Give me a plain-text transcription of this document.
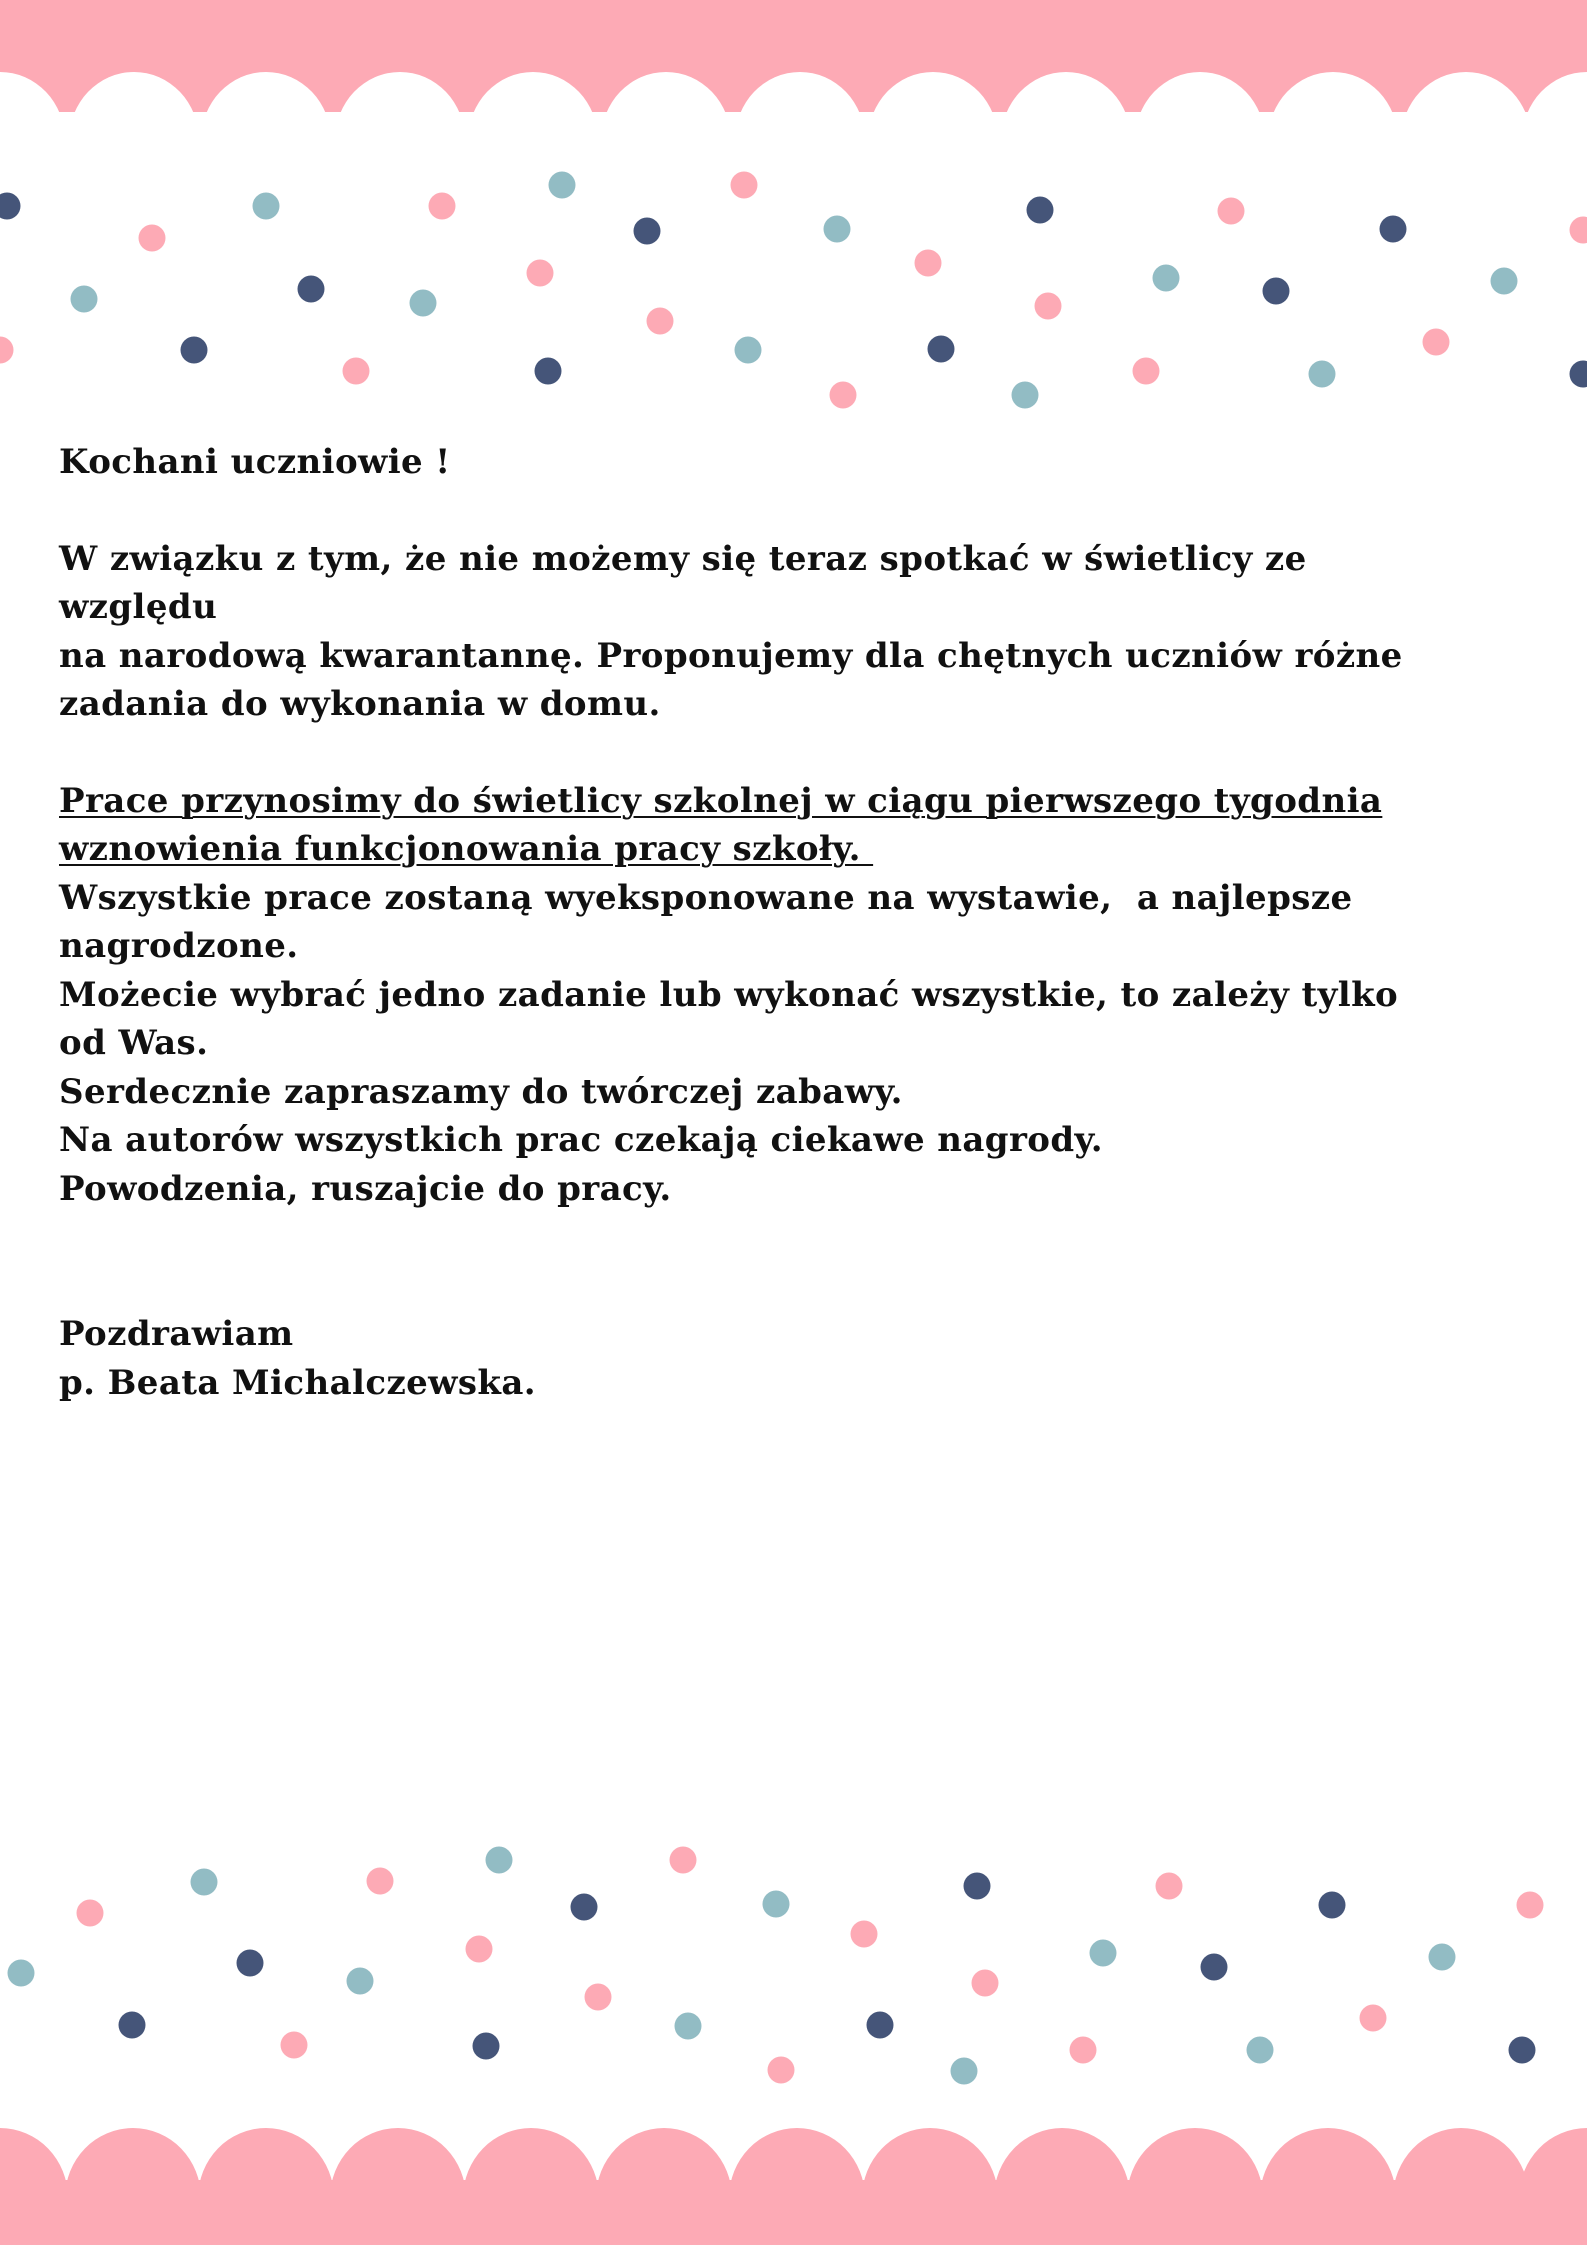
Kochani uczniowie !

W związku z tym, że nie możemy się teraz spotkać w świetlicy ze względu

na narodową kwarantannę. Proponujemy dla chętnych uczniów różne

zadania do wykonania w domu.

Prace przynosimy do świetlicy szkolnej w ciągu pierwszego tygodnia

wznowienia funkcjonowania pracy szkoły.

Wszystkie prace zostaną wyeksponowane na wystawie,  a najlepsze

nagrodzone.

Możecie wybrać jedno zadanie lub wykonać wszystkie, to zależy tylko

od Was.

Serdecznie zapraszamy do twórczej zabawy.

Na autorów wszystkich prac czekają ciekawe nagrody.

Powodzenia, ruszajcie do pracy.

Pozdrawiam

p. Beata Michalczewska.
